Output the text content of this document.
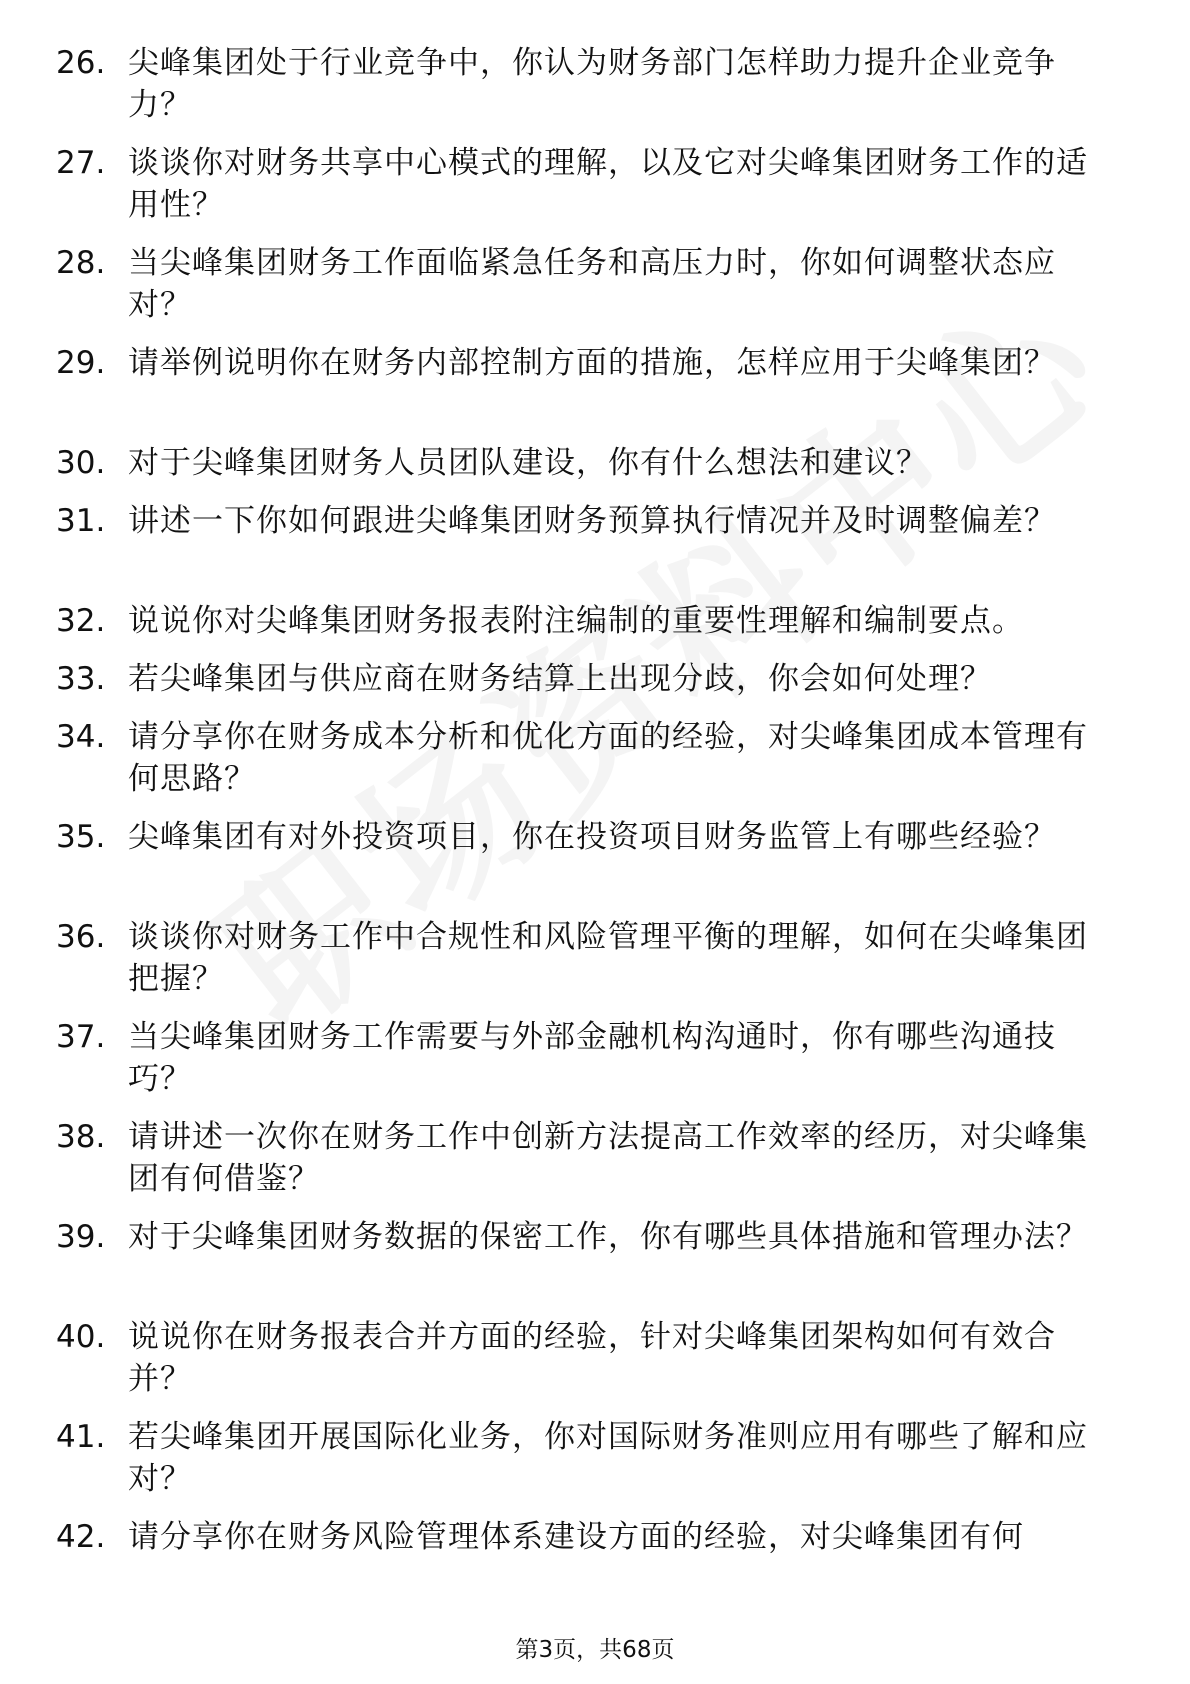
26. 尖峰集团处于行业竞争中，你认为财务部门怎样助力提升企业竞争力？
27. 谈谈你对财务共享中心模式的理解，以及它对尖峰集团财务工作的适用性？
28. 当尖峰集团财务工作面临紧急任务和高压力时，你如何调整状态应对？
29. 请举例说明你在财务内部控制方面的措施，怎样应用于尖峰集团？
30. 对于尖峰集团财务人员团队建设，你有什么想法和建议？
31. 讲述一下你如何跟进尖峰集团财务预算执行情况并及时调整偏差？
32. 说说你对尖峰集团财务报表附注编制的重要性理解和编制要点。
33. 若尖峰集团与供应商在财务结算上出现分歧，你会如何处理？
34. 请分享你在财务成本分析和优化方面的经验，对尖峰集团成本管理有何思路？
35. 尖峰集团有对外投资项目，你在投资项目财务监管上有哪些经验？
36. 谈谈你对财务工作中合规性和风险管理平衡的理解，如何在尖峰集团把握？
37. 当尖峰集团财务工作需要与外部金融机构沟通时，你有哪些沟通技巧？
38. 请讲述一次你在财务工作中创新方法提高工作效率的经历，对尖峰集团有何借鉴？
39. 对于尖峰集团财务数据的保密工作，你有哪些具体措施和管理办法？
40. 说说你在财务报表合并方面的经验，针对尖峰集团架构如何有效合并？
41. 若尖峰集团开展国际化业务，你对国际财务准则应用有哪些了解和应对？
42. 请分享你在财务风险管理体系建设方面的经验，对尖峰集团有何
第3页，共68页
